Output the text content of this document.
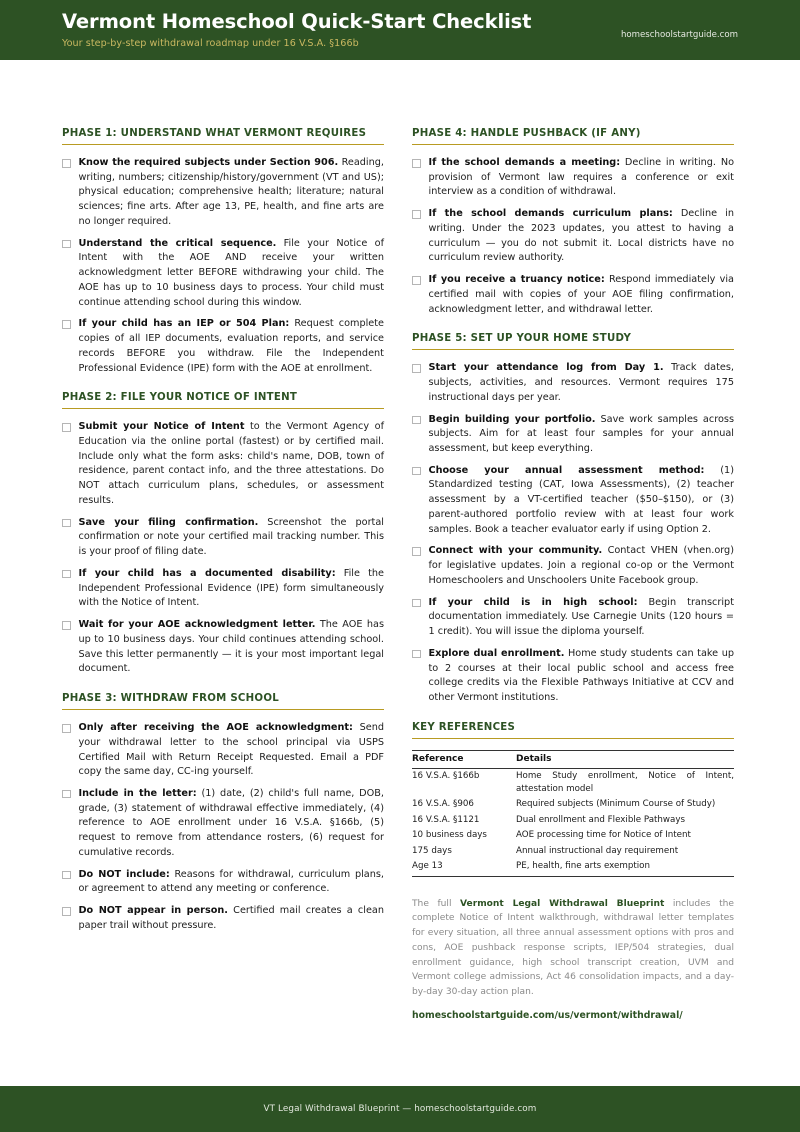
Vermont Homeschool Quick-Start Checklist
Your step-by-step withdrawal roadmap under 16 V.S.A. §166b
homeschoolstartguide.com
PHASE 1: UNDERSTAND WHAT VERMONT REQUIRES
Know the required subjects under Section 906. Reading, writing, numbers; citizenship/history/government (VT and US); physical education; comprehensive health; literature; natural sciences; fine arts. After age 13, PE, health, and fine arts are no longer required.
Understand the critical sequence. File your Notice of Intent with the AOE AND receive your written acknowledgment letter BEFORE withdrawing your child. The AOE has up to 10 business days to process. Your child must continue attending school during this window.
If your child has an IEP or 504 Plan: Request complete copies of all IEP documents, evaluation reports, and service records BEFORE you withdraw. File the Independent Professional Evidence (IPE) form with the AOE at enrollment.
PHASE 2: FILE YOUR NOTICE OF INTENT
Submit your Notice of Intent to the Vermont Agency of Education via the online portal (fastest) or by certified mail. Include only what the form asks: child's name, DOB, town of residence, parent contact info, and the three attestations. Do NOT attach curriculum plans, schedules, or assessment results.
Save your filing confirmation. Screenshot the portal confirmation or note your certified mail tracking number. This is your proof of filing date.
If your child has a documented disability: File the Independent Professional Evidence (IPE) form simultaneously with the Notice of Intent.
Wait for your AOE acknowledgment letter. The AOE has up to 10 business days. Your child continues attending school. Save this letter permanently — it is your most important legal document.
PHASE 3: WITHDRAW FROM SCHOOL
Only after receiving the AOE acknowledgment: Send your withdrawal letter to the school principal via USPS Certified Mail with Return Receipt Requested. Email a PDF copy the same day, CC-ing yourself.
Include in the letter: (1) date, (2) child's full name, DOB, grade, (3) statement of withdrawal effective immediately, (4) reference to AOE enrollment under 16 V.S.A. §166b, (5) request to remove from attendance rosters, (6) request for cumulative records.
Do NOT include: Reasons for withdrawal, curriculum plans, or agreement to attend any meeting or conference.
Do NOT appear in person. Certified mail creates a clean paper trail without pressure.
PHASE 4: HANDLE PUSHBACK (IF ANY)
If the school demands a meeting: Decline in writing. No provision of Vermont law requires a conference or exit interview as a condition of withdrawal.
If the school demands curriculum plans: Decline in writing. Under the 2023 updates, you attest to having a curriculum — you do not submit it. Local districts have no curriculum review authority.
If you receive a truancy notice: Respond immediately via certified mail with copies of your AOE filing confirmation, acknowledgment letter, and withdrawal letter.
PHASE 5: SET UP YOUR HOME STUDY
Start your attendance log from Day 1. Track dates, subjects, activities, and resources. Vermont requires 175 instructional days per year.
Begin building your portfolio. Save work samples across subjects. Aim for at least four samples for your annual assessment, but keep everything.
Choose your annual assessment method: (1) Standardized testing (CAT, Iowa Assessments), (2) teacher assessment by a VT-certified teacher ($50–$150), or (3) parent-authored portfolio review with at least four work samples. Book a teacher evaluator early if using Option 2.
Connect with your community. Contact VHEN (vhen.org) for legislative updates. Join a regional co-op or the Vermont Homeschoolers and Unschoolers Unite Facebook group.
If your child is in high school: Begin transcript documentation immediately. Use Carnegie Units (120 hours = 1 credit). You will issue the diploma yourself.
Explore dual enrollment. Home study students can take up to 2 courses at their local public school and access free college credits via the Flexible Pathways Initiative at CCV and other Vermont institutions.
KEY REFERENCES
Reference	Details
16 V.S.A. §166b	Home Study enrollment, Notice of Intent, attestation model
16 V.S.A. §906	Required subjects (Minimum Course of Study)
16 V.S.A. §1121	Dual enrollment and Flexible Pathways
10 business days	AOE processing time for Notice of Intent
175 days	Annual instructional day requirement
Age 13	PE, health, fine arts exemption
The full Vermont Legal Withdrawal Blueprint includes the complete Notice of Intent walkthrough, withdrawal letter templates for every situation, all three annual assessment options with pros and cons, AOE pushback response scripts, IEP/504 strategies, dual enrollment guidance, high school transcript creation, UVM and Vermont college admissions, Act 46 consolidation impacts, and a day-by-day 30-day action plan.
homeschoolstartguide.com/us/vermont/withdrawal/
VT Legal Withdrawal Blueprint — homeschoolstartguide.com
